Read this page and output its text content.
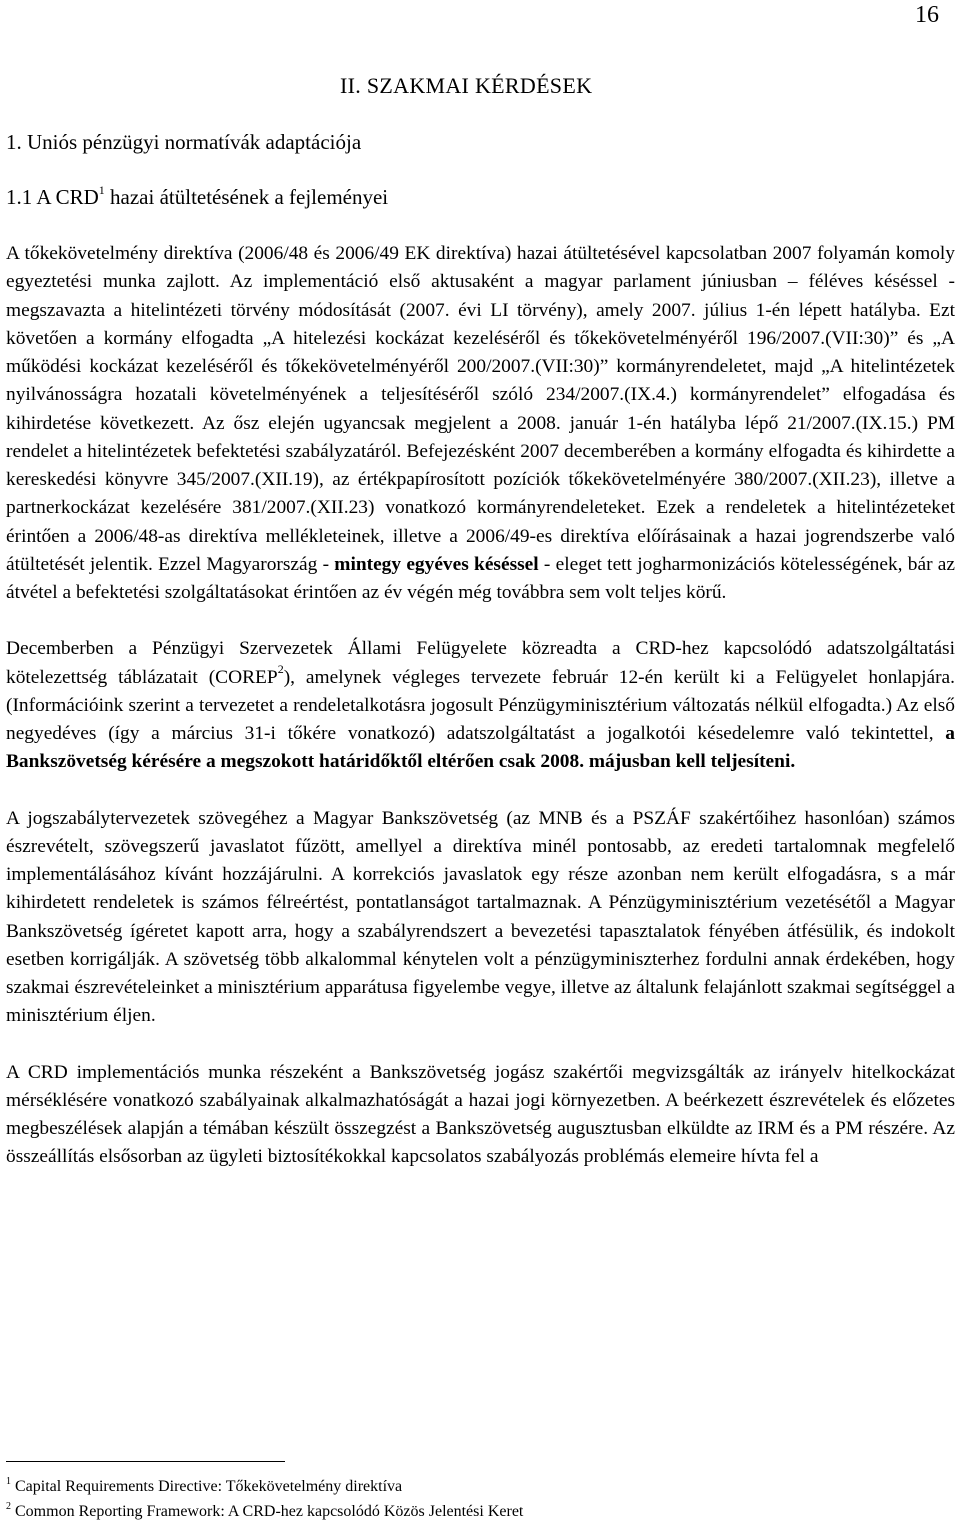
16
II. SZAKMAI KÉRDÉSEK
1. Uniós pénzügyi normatívák adaptációja
1.1 A CRD$^1$ hazai átültetésének a fejleményei

A tőkekövetelmény direktíva (2006/48 és 2006/49 EK direktíva) hazai átültetésével kapcsolatban 2007 folyamán komoly egyeztetési munka zajlott. Az implementáció első aktusaként a magyar parlament júniusban – féléves késéssel - megszavazta a hitelintézeti törvény módosítását (2007. évi LI törvény), amely 2007. július 1-én lépett hatályba. Ezt követően a kormány elfogadta „A hitelezési kockázat kezeléséről és tőkekövetelményéről 196/2007.(VII:30)” és „A működési kockázat kezeléséről és tőkekövetelményéről 200/2007.(VII:30)” kormányrendeletet, majd „A hitelintézetek nyilvánosságra hozatali követelményének a teljesítéséről szóló 234/2007.(IX.4.) kormányrendelet” elfogadása és kihirdetése következett. Az ősz elején ugyancsak megjelent a 2008. január 1-én hatályba lépő 21/2007.(IX.15.) PM rendelet a hitelintézetek befektetési szabályzatáról. Befejezésként 2007 decemberében a kormány elfogadta és kihirdette a kereskedési könyvre 345/2007.(XII.19), az értékpapírosított pozíciók tőkekövetelményére 380/2007.(XII.23), illetve a partnerkockázat kezelésére 381/2007.(XII.23) vonatkozó kormányrendeleteket. Ezek a rendeletek a hitelintézeteket érintően a 2006/48-as direktíva mellékleteinek, illetve a 2006/49-es direktíva előírásainak a hazai jogrendszerbe való átültetését jelentik. Ezzel Magyarország - mintegy egyéves késéssel - eleget tett jogharmonizációs kötelességének, bár az átvétel a befektetési szolgáltatásokat érintően az év végén még továbbra sem volt teljes körű.

Decemberben a Pénzügyi Szervezetek Állami Felügyelete közreadta a CRD-hez kapcsolódó adatszolgáltatási kötelezettség táblázatait (COREP$^2$), amelynek végleges tervezete február 12-én került ki a Felügyelet honlapjára. (Információink szerint a tervezetet a rendeletalkotásra jogosult Pénzügyminisztérium változatás nélkül elfogadta.) Az első negyedéves (így a március 31-i tőkére vonatkozó) adatszolgáltatást a jogalkotói késedelemre való tekintettel, a Bankszövetség kérésére a megszokott határidőktől eltérően csak 2008. májusban kell teljesíteni.

A jogszabálytervezetek szövegéhez a Magyar Bankszövetség (az MNB és a PSZÁF szakértőihez hasonlóan) számos észrevételt, szövegszerű javaslatot fűzött, amellyel a direktíva minél pontosabb, az eredeti tartalomnak megfelelő implementálásához kívánt hozzájárulni. A korrekciós javaslatok egy része azonban nem került elfogadásra, s a már kihirdetett rendeletek is számos félreértést, pontatlanságot tartalmaznak. A Pénzügyminisztérium vezetésétől a Magyar Bankszövetség ígéretet kapott arra, hogy a szabályrendszert a bevezetési tapasztalatok fényében átfésülik, és indokolt esetben korrigálják. A szövetség több alkalommal kénytelen volt a pénzügyminiszterhez fordulni annak érdekében, hogy szakmai észrevételeinket a minisztérium apparátusa figyelembe vegye, illetve az általunk felajánlott szakmai segítséggel a minisztérium éljen.

A CRD implementációs munka részeként a Bankszövetség jogász szakértői megvizsgálták az irányelv hitelkockázat mérséklésére vonatkozó szabályainak alkalmazhatóságát a hazai jogi környezetben. A beérkezett észrevételek és előzetes megbeszélések alapján a témában készült összegzést a Bankszövetség augusztusban elküldte az IRM és a PM részére. Az összeállítás elsősorban az ügyleti biztosítékokkal kapcsolatos szabályozás problémás elemeire hívta fel a

$^1$ Capital Requirements Directive: Tőkekövetelmény direktíva
$^2$ Common Reporting Framework: A CRD-hez kapcsolódó Közös Jelentési Keret
